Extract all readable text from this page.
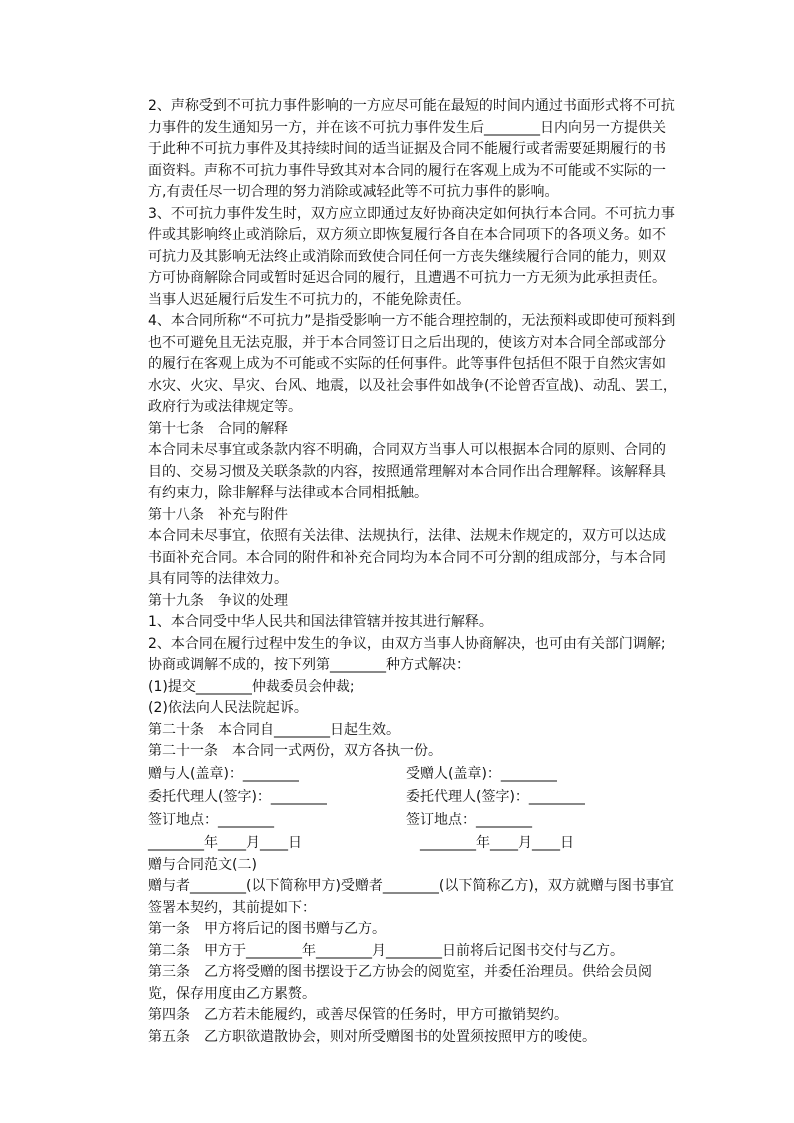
2、声称受到不可抗力事件影响的一方应尽可能在最短的时间内通过书面形式将不可抗力事件的发生通知另一方，并在该不可抗力事件发生后________日内向另一方提供关于此种不可抗力事件及其持续时间的适当证据及合同不能履行或者需要延期履行的书面资料。声称不可抗力事件导致其对本合同的履行在客观上成为不可能或不实际的一方,有责任尽一切合理的努力消除或减轻此等不可抗力事件的影响。

3、不可抗力事件发生时，双方应立即通过友好协商决定如何执行本合同。不可抗力事件或其影响终止或消除后，双方须立即恢复履行各自在本合同项下的各项义务。如不可抗力及其影响无法终止或消除而致使合同任何一方丧失继续履行合同的能力，则双方可协商解除合同或暂时延迟合同的履行，且遭遇不可抗力一方无须为此承担责任。当事人迟延履行后发生不可抗力的，不能免除责任。

4、本合同所称“不可抗力”是指受影响一方不能合理控制的，无法预料或即使可预料到也不可避免且无法克服，并于本合同签订日之后出现的，使该方对本合同全部或部分的履行在客观上成为不可能或不实际的任何事件。此等事件包括但不限于自然灾害如水灾、火灾、旱灾、台风、地震，以及社会事件如战争(不论曾否宣战)、动乱、罢工，政府行为或法律规定等。

第十七条　合同的解释

本合同未尽事宜或条款内容不明确，合同双方当事人可以根据本合同的原则、合同的目的、交易习惯及关联条款的内容，按照通常理解对本合同作出合理解释。该解释具有约束力，除非解释与法律或本合同相抵触。

第十八条　补充与附件

本合同未尽事宜，依照有关法律、法规执行，法律、法规未作规定的，双方可以达成书面补充合同。本合同的附件和补充合同均为本合同不可分割的组成部分，与本合同具有同等的法律效力。

第十九条　争议的处理

1、本合同受中华人民共和国法律管辖并按其进行解释。

2、本合同在履行过程中发生的争议，由双方当事人协商解决，也可由有关部门调解;协商或调解不成的，按下列第________种方式解决：

(1)提交________仲裁委员会仲裁;

(2)依法向人民法院起诉。

第二十条　本合同自________日起生效。

第二十一条　本合同一式两份，双方各执一份。

赠与人(盖章)：________	受赠人(盖章)：________
委托代理人(签字)：________	委托代理人(签字)：________
签订地点：________	签订地点：________
________年____月____日	________年____月____日

赠与合同范文(二)

赠与者________(以下简称甲方)受赠者________(以下简称乙方)，双方就赠与图书事宜签署本契约，其前提如下：

第一条　甲方将后记的图书赠与乙方。

第二条　甲方于________年________月________日前将后记图书交付与乙方。

第三条　乙方将受赠的图书摆设于乙方协会的阅览室，并委任治理员。供给会员阅览，保存用度由乙方累赘。

第四条　乙方若未能履约，或善尽保管的任务时，甲方可撤销契约。

第五条　乙方职欲遣散协会，则对所受赠图书的处置须按照甲方的唆使。
